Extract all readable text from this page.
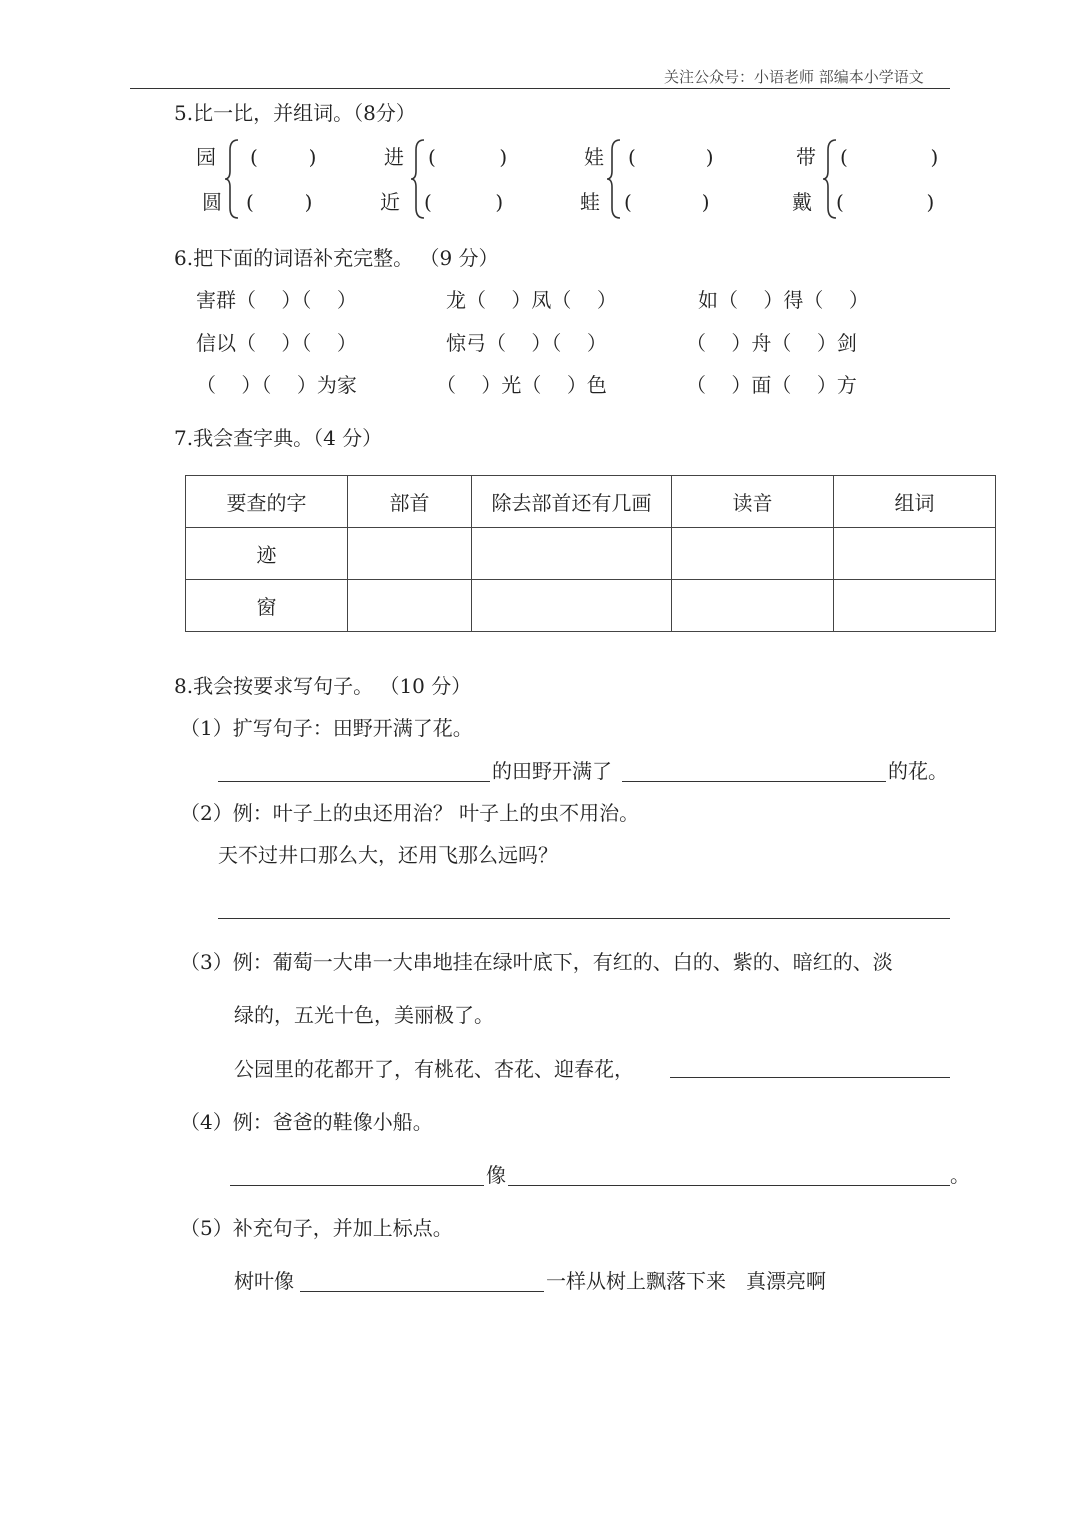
关注公众号：小语老师 部编本小学语文
5.比一比，并组词。（8分）
园
圆
(        )
(        )
进
近
(          )
(          )
娃
蛙
(           )
(           )
带
戴
(             )
(             )
6.把下面的词语补充完整。 （9 分）
害群（    ）（    ）	龙（    ）凤（    ）	如（    ）得（    ）
信以（    ）（    ）	惊弓（    ）（    ）	（    ）舟（    ）剑
（    ）（    ）为家	（    ）光（    ）色	（    ）面（    ）方
7.我会查字典。（4 分）
要查的字	部首	除去部首还有几画	读音	组词
迹				
窗				
8.我会按要求写句子。 （10 分）
（1）扩写句子：田野开满了花。
的田野开满了	的花。
（2）例：叶子上的虫还用治？ 叶子上的虫不用治。
天不过井口那么大，还用飞那么远吗？
（3）例：葡萄一大串一大串地挂在绿叶底下，有红的、白的、紫的、暗红的、淡
绿的，五光十色，美丽极了。
公园里的花都开了，有桃花、杏花、迎春花，
（4）例：爸爸的鞋像小船。
像	。
（5）补充句子，并加上标点。
树叶像	一样从树上飘落下来　真漂亮啊
